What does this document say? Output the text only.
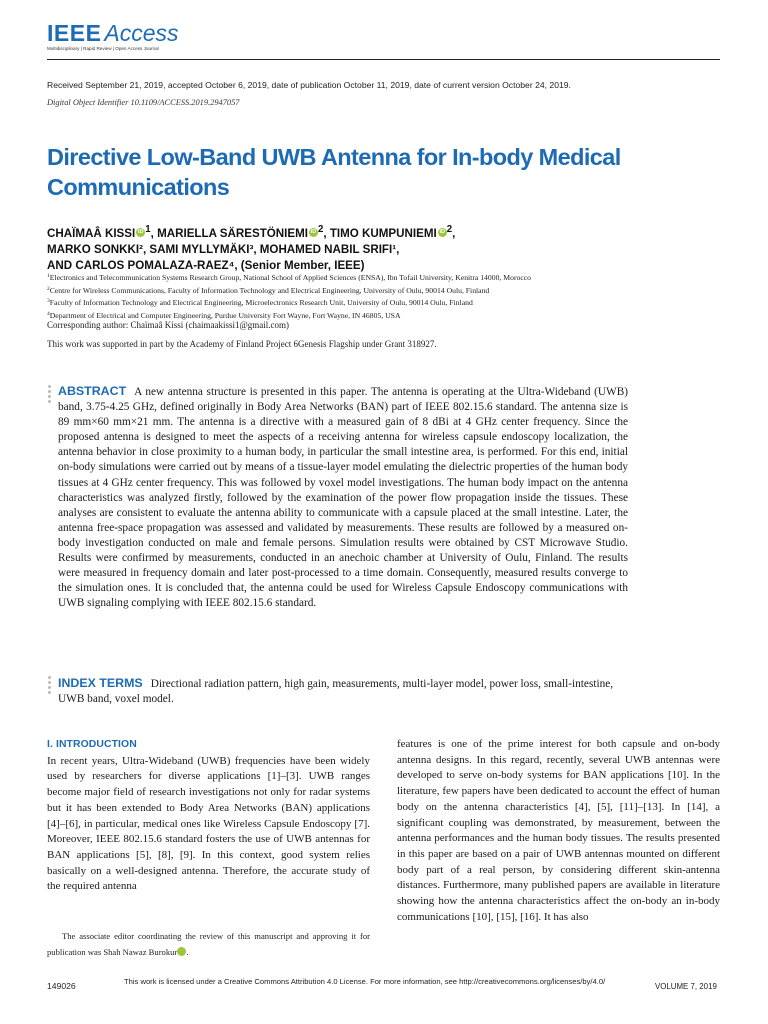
IEEE Access
Multidisciplinary | Rapid Review | Open Access Journal
Received September 21, 2019, accepted October 6, 2019, date of publication October 11, 2019, date of current version October 24, 2019.
Digital Object Identifier 10.1109/ACCESS.2019.2947057
Directive Low-Band UWB Antenna for In-body Medical Communications

CHAÏMAÂ KISSI iD $^1$, MARIELLA SÄRESTÖNIEMI iD $^2$, TIMO KUMPUNIEMI iD $^2$,

MARKO SONKKI², SAMI MYLLYMÄKI³, MOHAMED NABIL SRIFI¹,

AND CARLOS POMALAZA-RAEZ⁴, (Senior Member, IEEE)

$^1$Electronics and Telecommunication Systems Research Group, National School of Applied Sciences (ENSA), Ibn Tofail University, Kenitra 14000, Morocco

$^2$Centre for Wireless Communications, Faculty of Information Technology and Electrical Engineering, University of Oulu, 90014 Oulu, Finland

$^3$Faculty of Information Technology and Electrical Engineering, Microelectronics Research Unit, University of Oulu, 90014 Oulu, Finland

$^4$Department of Electrical and Computer Engineering, Purdue University Fort Wayne, Fort Wayne, IN 46805, USA

Corresponding author: Chaïmaâ Kissi (chaimaakissi1@gmail.com)
This work was supported in part by the Academy of Finland Project 6Genesis Flagship under Grant 318927.
ABSTRACT A new antenna structure is presented in this paper. The antenna is operating at the Ultra-Wideband (UWB) band, 3.75-4.25 GHz, defined originally in Body Area Networks (BAN) part of IEEE 802.15.6 standard. The antenna size is 89 mm×60 mm×21 mm. The antenna is a directive with a measured gain of 8 dBi at 4 GHz center frequency. Since the proposed antenna is designed to meet the aspects of a receiving antenna for wireless capsule endoscopy localization, the antenna behavior in close proximity to a human body, in particular the small intestine area, is performed. For this end, initial on-body simulations were carried out by means of a tissue-layer model emulating the dielectric properties of the human body tissues at 4 GHz center frequency. This was followed by voxel model investigations. The human body impact on the antenna characteristics was analyzed firstly, followed by the examination of the power flow propagation inside the tissues. These analyses are consistent to evaluate the antenna ability to communicate with a capsule placed at the small intestine. Later, the antenna free-space propagation was assessed and validated by measurements. These results are followed by a measured on-body investigation conducted on male and female persons. Simulation results were obtained by CST Microwave Studio. Results were confirmed by measurements, conducted in an anechoic chamber at University of Oulu, Finland. The results were measured in frequency domain and later post-processed to a time domain. Consequently, measured results converge to the simulation ones. It is concluded that, the antenna could be used for Wireless Capsule Endoscopy communications with UWB signaling complying with IEEE 802.15.6 standard.
INDEX TERMS Directional radiation pattern, high gain, measurements, multi-layer model, power loss, small-intestine, UWB band, voxel model.

I. INTRODUCTION

In recent years, Ultra-Wideband (UWB) frequencies have been widely used by researchers for diverse applications [1]–[3]. UWB ranges become major field of research investigations not only for radar systems but it has been extended to Body Area Networks (BAN) applications [4]–[6], in particular, medical ones like Wireless Capsule Endoscopy [7]. Moreover, IEEE 802.15.6 standard fosters the use of UWB antennas for BAN applications [5], [8], [9]. In this context, good system relies basically on a well-designed antenna. Therefore, the accurate study of the required antenna

features is one of the prime interest for both capsule and on-body antenna designs. In this regard, recently, several UWB antennas were developed to serve on-body systems for BAN applications [10]. In the literature, few papers have been dedicated to account the effect of human body on the antenna characteristics [4], [5], [11]–[13]. In [14], a significant coupling was demonstrated, by measurement, between the antenna performances and the human body tissues. The results presented in this paper are based on a pair of UWB antennas mounted on different body part of a real person, by considering different skin-antenna distances. Furthermore, many published papers are available in literature showing how the antenna characteristics affect the on-body an in-body communications [10], [15], [16]. It has also

The associate editor coordinating the review of this manuscript and approving it for publication was Shah Nawaz Burokur	iD.

149026	This work is licensed under a Creative Commons Attribution 4.0 License. For more information, see http://creativecommons.org/licenses/by/4.0/
VOLUME 7, 2019
